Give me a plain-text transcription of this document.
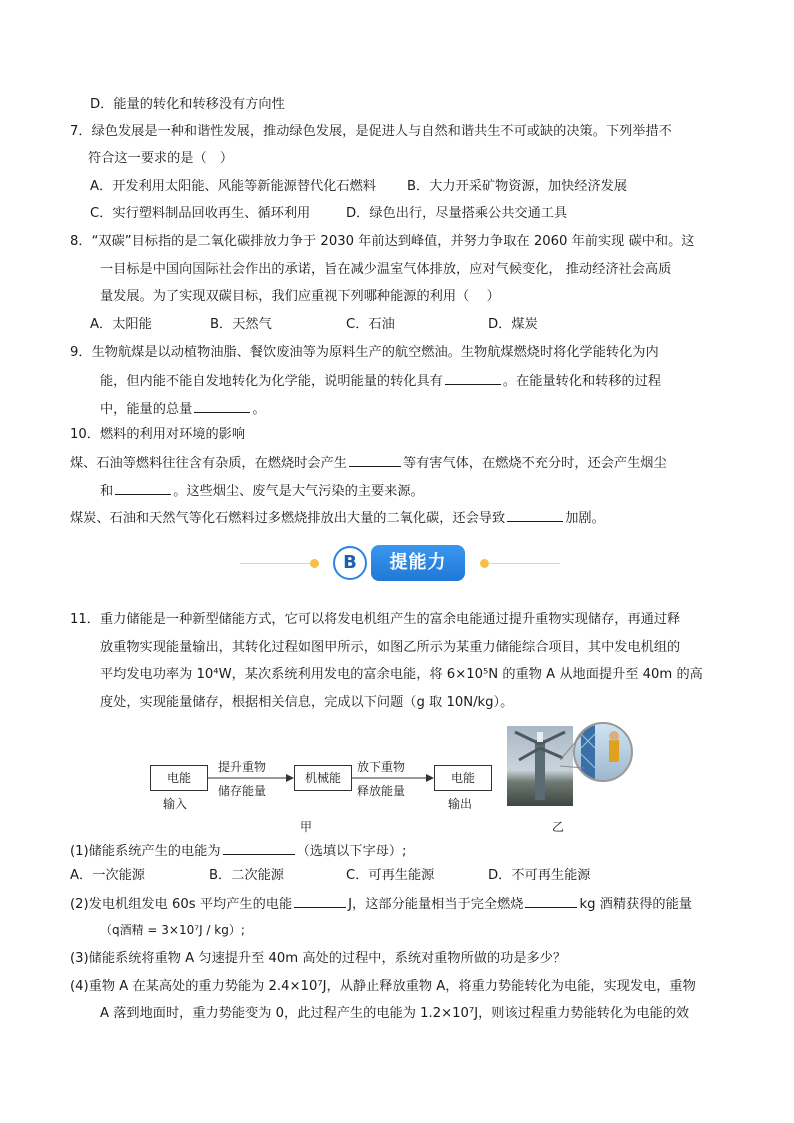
D．能量的转化和转移没有方向性
7．绿色发展是一种和谐性发展，推动绿色发展，是促进人与自然和谐共生不可或缺的决策。下列举措不
符合这一要求的是（　）
A．开发利用太阳能、风能等新能源替代化石燃料 B．大力开采矿物资源，加快经济发展
C．实行塑料制品回收再生、循环利用	D．绿色出行，尽量搭乘公共交通工具
8．“双碳”目标指的是二氧化碳排放力争于 2030 年前达到峰值，并努力争取在 2060 年前实现 碳中和。这
一目标是中国向国际社会作出的承诺，旨在减少温室气体排放，应对气候变化， 推动经济社会高质
量发展。为了实现双碳目标，我们应重视下列哪种能源的利用（　 ）
A．太阳能	B．天然气	C．石油	D．煤炭
9．生物航煤是以动植物油脂、餐饮废油等为原料生产的航空燃油。生物航煤燃烧时将化学能转化为内
能，但内能不能自发地转化为化学能，说明能量的转化具有	。在能量转化和转移的过程
中，能量的总量	。
10．燃料的利用对环境的影响
煤、石油等燃料往往含有杂质，在燃烧时会产生	等有害气体，在燃烧不充分时，还会产生烟尘
和	。这些烟尘、废气是大气污染的主要来源。
煤炭、石油和天然气等化石燃料过多燃烧排放出大量的二氧化碳，还会导致	加剧。
B	提能力
11．重力储能是一种新型储能方式，它可以将发电机组产生的富余电能通过提升重物实现储存，再通过释
放重物实现能量输出，其转化过程如图甲所示，如图乙所示为某重力储能综合项目，其中发电机组的
平均发电功率为 10⁴W，某次系统利用发电的富余电能，将 6×10⁵N 的重物 A 从地面提升至 40m 的高
度处，实现能量储存，根据相关信息，完成以下问题（g 取 10N/kg）。
电能
输入
提升重物
储存能量
机械能
放下重物
释放能量
电能
输出
甲	乙
(1)储能系统产生的电能为	（选填以下字母）;
A．一次能源	B．二次能源	C．可再生能源	D．不可再生能源
(2)发电机组发电 60s 平均产生的电能	J，这部分能量相当于完全燃烧	kg 酒精获得的能量
（q酒精 = 3×10⁷J / kg）;
(3)储能系统将重物 A 匀速提升至 40m 高处的过程中，系统对重物所做的功是多少？
(4)重物 A 在某高处的重力势能为 2.4×10⁷J，从静止释放重物 A，将重力势能转化为电能，实现发电，重物
A 落到地面时，重力势能变为 0，此过程产生的电能为 1.2×10⁷J，则该过程重力势能转化为电能的效
